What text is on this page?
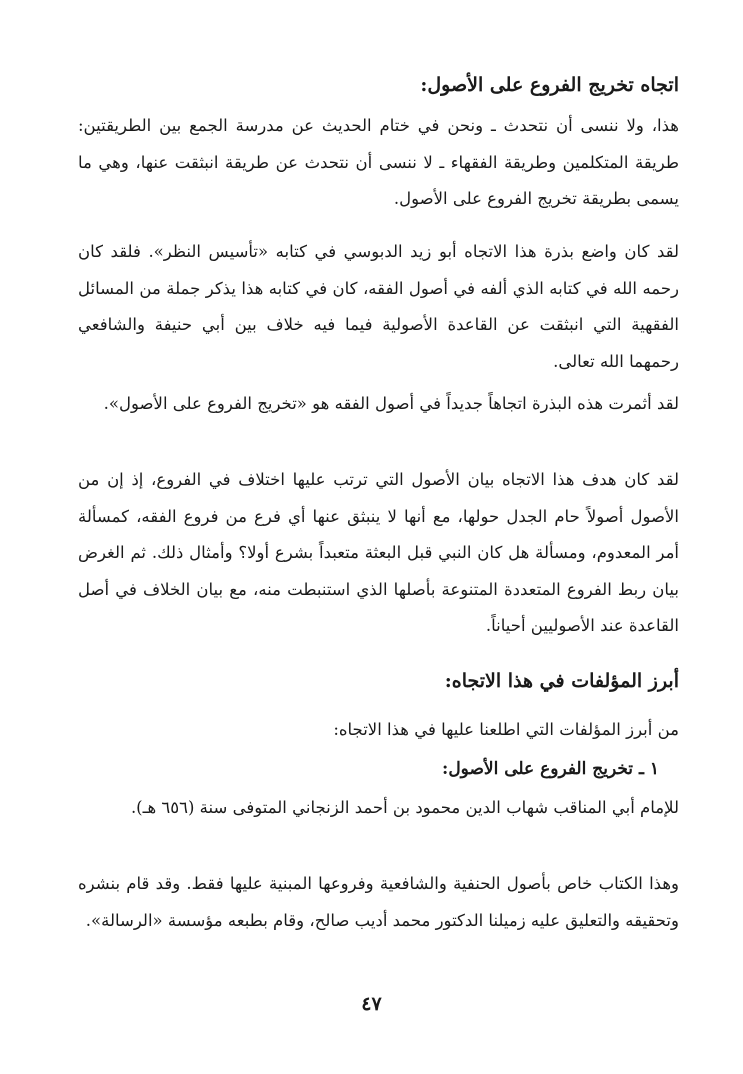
اتجاه تخريج الفروع على الأصول:

هذا، ولا ننسى أن نتحدث ـ ونحن في ختام الحديث عن مدرسة الجمع بين الطريقتين: طريقة المتكلمين وطريقة الفقهاء ـ لا ننسى أن نتحدث عن طريقة انبثقت عنها، وهي ما يسمى بطريقة تخريج الفروع على الأصول.

لقد كان واضع بذرة هذا الاتجاه أبو زيد الدبوسي في كتابه «تأسيس النظر». فلقد كان رحمه الله في كتابه الذي ألفه في أصول الفقه، كان في كتابه هذا يذكر جملة من المسائل الفقهية التي انبثقت عن القاعدة الأصولية فيما فيه خلاف بين أبي حنيفة والشافعي رحمهما الله تعالى.

لقد أثمرت هذه البذرة اتجاهاً جديداً في أصول الفقه هو «تخريج الفروع على الأصول».

لقد كان هدف هذا الاتجاه بيان الأصول التي ترتب عليها اختلاف في الفروع، إذ إن من الأصول أصولاً حام الجدل حولها، مع أنها لا ينبثق عنها أي فرع من فروع الفقه، كمسألة أمر المعدوم، ومسألة هل كان النبي قبل البعثة متعبداً بشرع أولا؟ وأمثال ذلك. ثم الغرض بيان ربط الفروع المتعددة المتنوعة بأصلها الذي استنبطت منه، مع بيان الخلاف في أصل القاعدة عند الأصوليين أحياناً.

أبرز المؤلفات في هذا الاتجاه:

من أبرز المؤلفات التي اطلعنا عليها في هذا الاتجاه:

١ ـ تخريج الفروع على الأصول:

للإمام أبي المناقب شهاب الدين محمود بن أحمد الزنجاني المتوفى سنة (٦٥٦ هـ).

وهذا الكتاب خاص بأصول الحنفية والشافعية وفروعها المبنية عليها فقط. وقد قام بنشره وتحقيقه والتعليق عليه زميلنا الدكتور محمد أديب صالح، وقام بطبعه مؤسسة «الرسالة».

٤٧
